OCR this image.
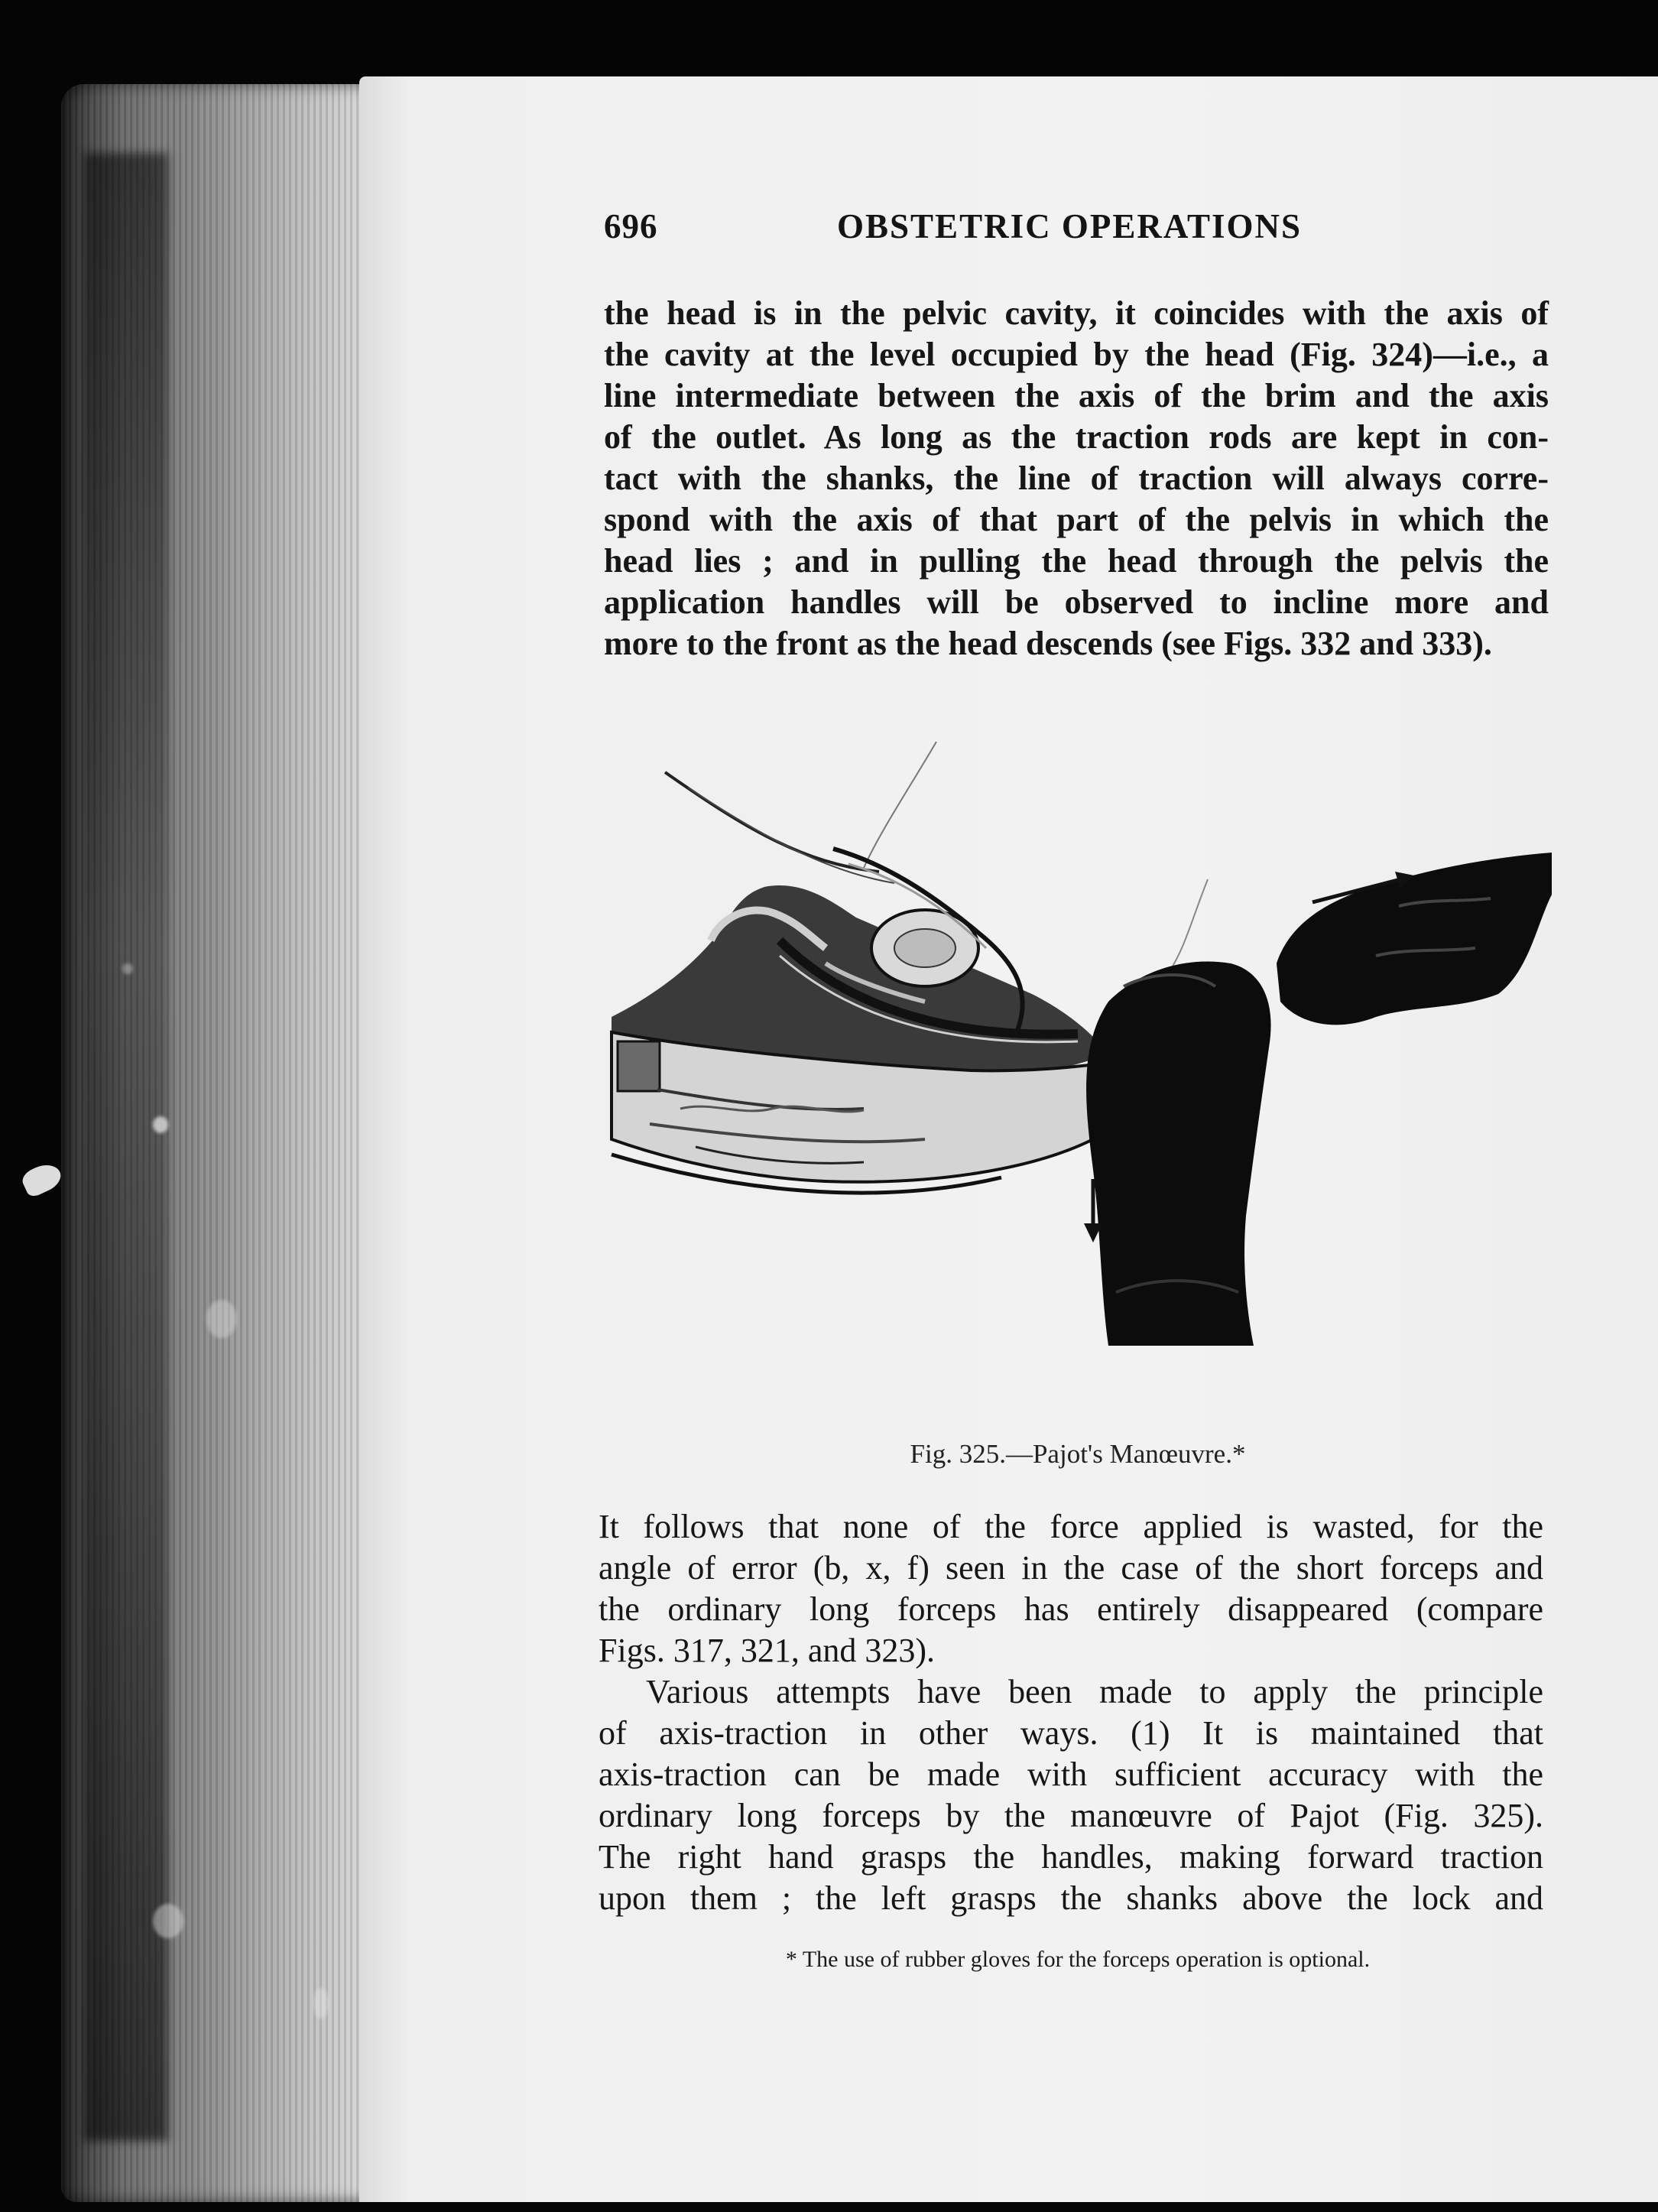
696	OBSTETRIC OPERATIONS
the head is in the pelvic cavity, it coincides with the axis of
the cavity at the level occupied by the head (Fig. 324)—i.e., a
line intermediate between the axis of the brim and the axis
of the outlet. As long as the traction rods are kept in con-
tact with the shanks, the line of traction will always corre-
spond with the axis of that part of the pelvis in which the
head lies ; and in pulling the head through the pelvis the
application handles will be observed to incline more and
more to the front as the head descends (see Figs. 332 and 333).
Fig. 325.—Pajot's Manœuvre.*
It follows that none of the force applied is wasted, for the
angle of error (b, x, f) seen in the case of the short forceps and
the ordinary long forceps has entirely disappeared (compare
Figs. 317, 321, and 323).
Various attempts have been made to apply the principle
of axis-traction in other ways. (1) It is maintained that
axis-traction can be made with sufficient accuracy with the
ordinary long forceps by the manœuvre of Pajot (Fig. 325).
The right hand grasps the handles, making forward traction
upon them ; the left grasps the shanks above the lock and
* The use of rubber gloves for the forceps operation is optional.
